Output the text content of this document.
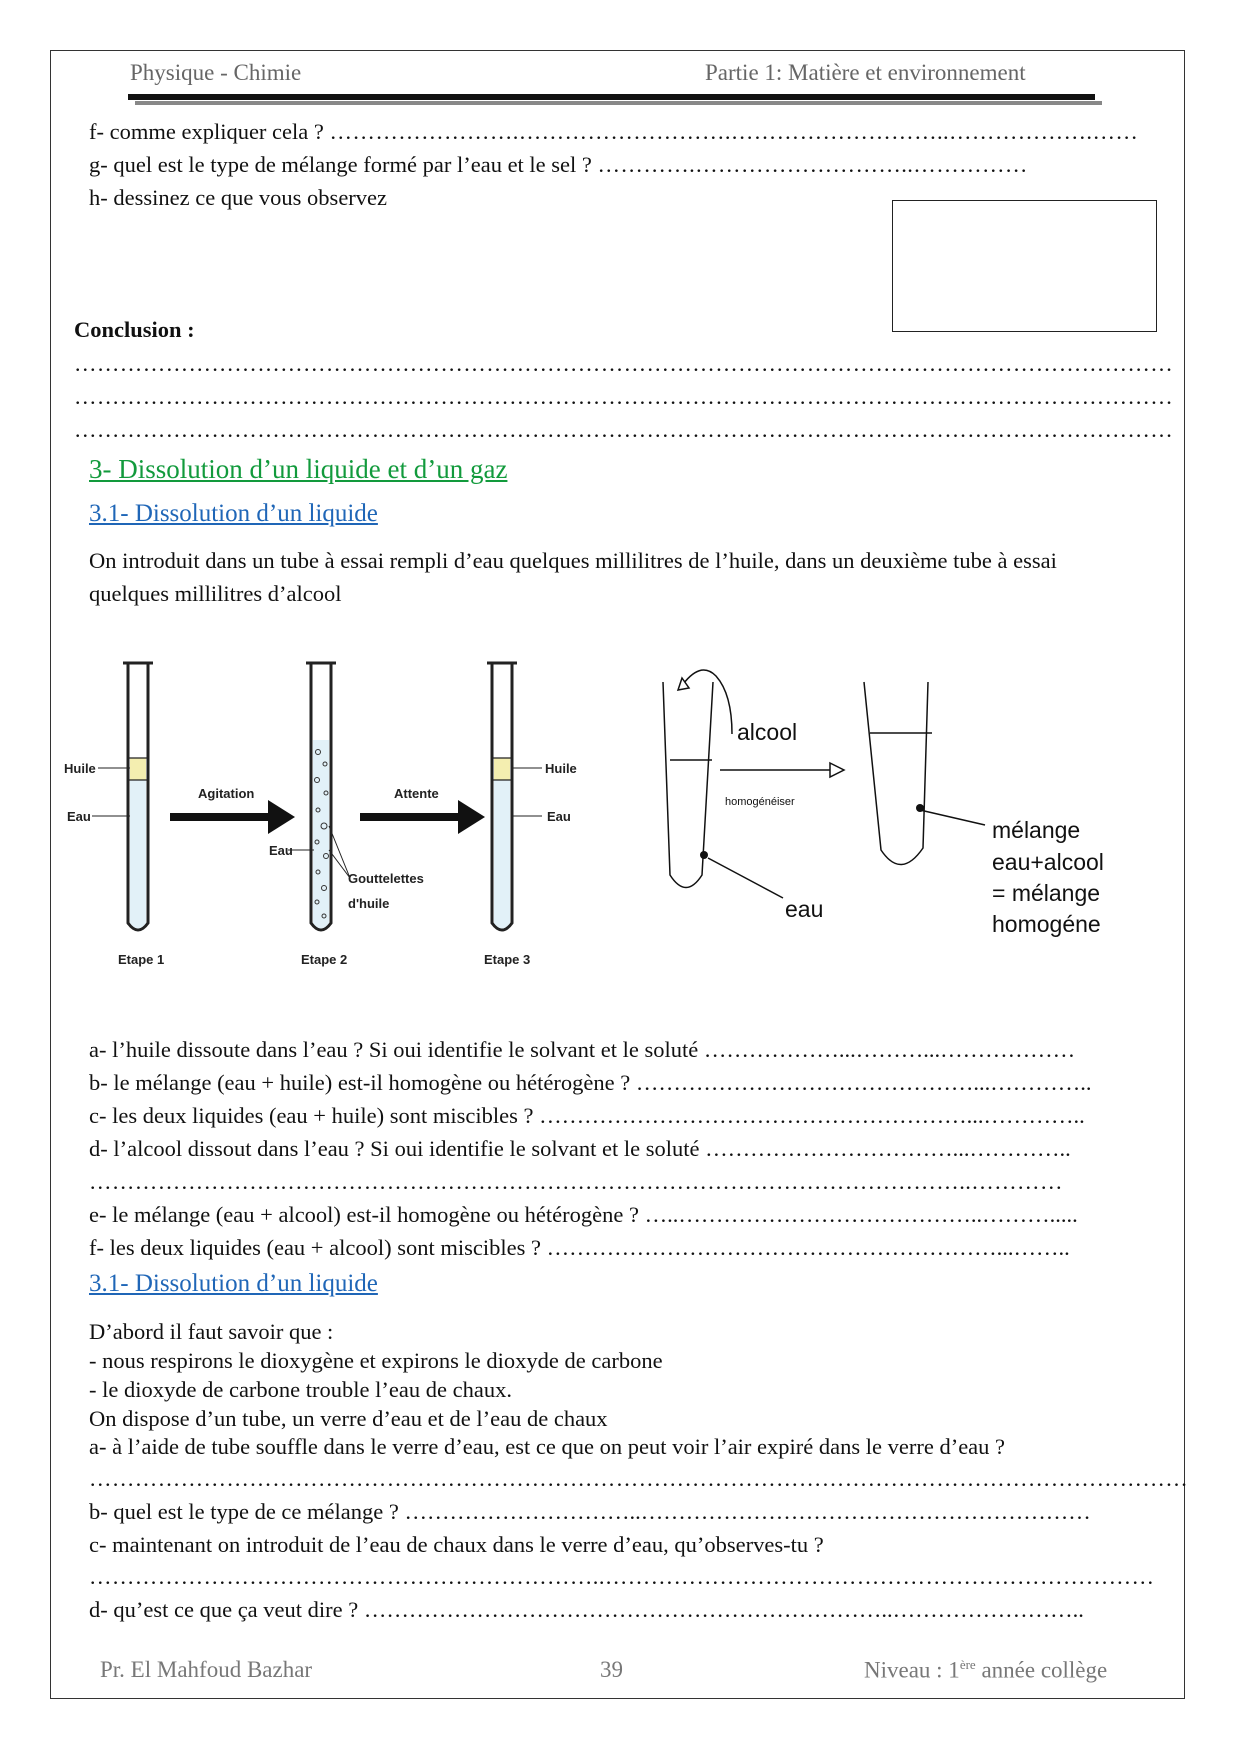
Physique - Chimie	Partie 1: Matière et environnement
f- comme expliquer cela ? …………………….……………………….………………………..……………….……
g- quel est le type de mélange formé par l’eau et le sel ? ………….………………………..……………
h- dessinez ce que vous observez
Conclusion :
………………………………………………………………………………………………………………………………
………………………………………………………………………………………………………………………………
………………………………………………………………………………………………………………………………
3- Dissolution d’un liquide et d’un gaz
3.1- Dissolution d’un liquide
On introduit dans un tube à essai rempli d’eau quelques millilitres de l’huile, dans un deuxième tube à essai
quelques millilitres d’alcool
Huile
Eau
Agitation
Eau
Gouttelettes
d'huile
Attente
Huile
Eau
Etape 1	Etape 2	Etape 3
alcool
homogénéiser
eau
mélange
eau+alcool
= mélange
homogéne
a- l’huile dissoute dans l’eau ? Si oui identifie le solvant et le soluté ………………...………...………………
b- le mélange (eau + huile) est-il homogène ou hétérogène ? ………………………………………...…………..
c- les deux liquides (eau + huile) sont miscibles ? …………………………………………………...…………..
d- l’alcool dissout dans l’eau ? Si oui identifie le solvant et le soluté ……………………………...…………..
……………………………………………………………………………………………………..…………
e- le mélange (eau + alcool) est-il homogène ou hétérogène ? …..…………………………………..……….....
f- les deux liquides (eau + alcool) sont miscibles ? ……………………………………………………...……..
3.1- Dissolution d’un liquide
D’abord il faut savoir que :
- nous respirons le dioxygène et expirons le dioxyde de carbone
- le dioxyde de carbone trouble l’eau de chaux.
On dispose d’un tube, un verre d’eau et de l’eau de chaux
a- à l’aide de tube souffle dans le verre d’eau, est ce que on peut voir l’air expiré dans le verre d’eau ?
………………………………………………………………………………………………………………………………
b- quel est le type de ce mélange ? …………………………..……………………………………………………
c- maintenant on introduit de l’eau de chaux dans le verre d’eau, qu’observes-tu ?
…………………………………………………………..………………………………………………………………
d- qu’est ce que ça veut dire ? ……………………………………………………………..……………………..
Pr. El Mahfoud Bazhar	39	Niveau : 1ère année collège
